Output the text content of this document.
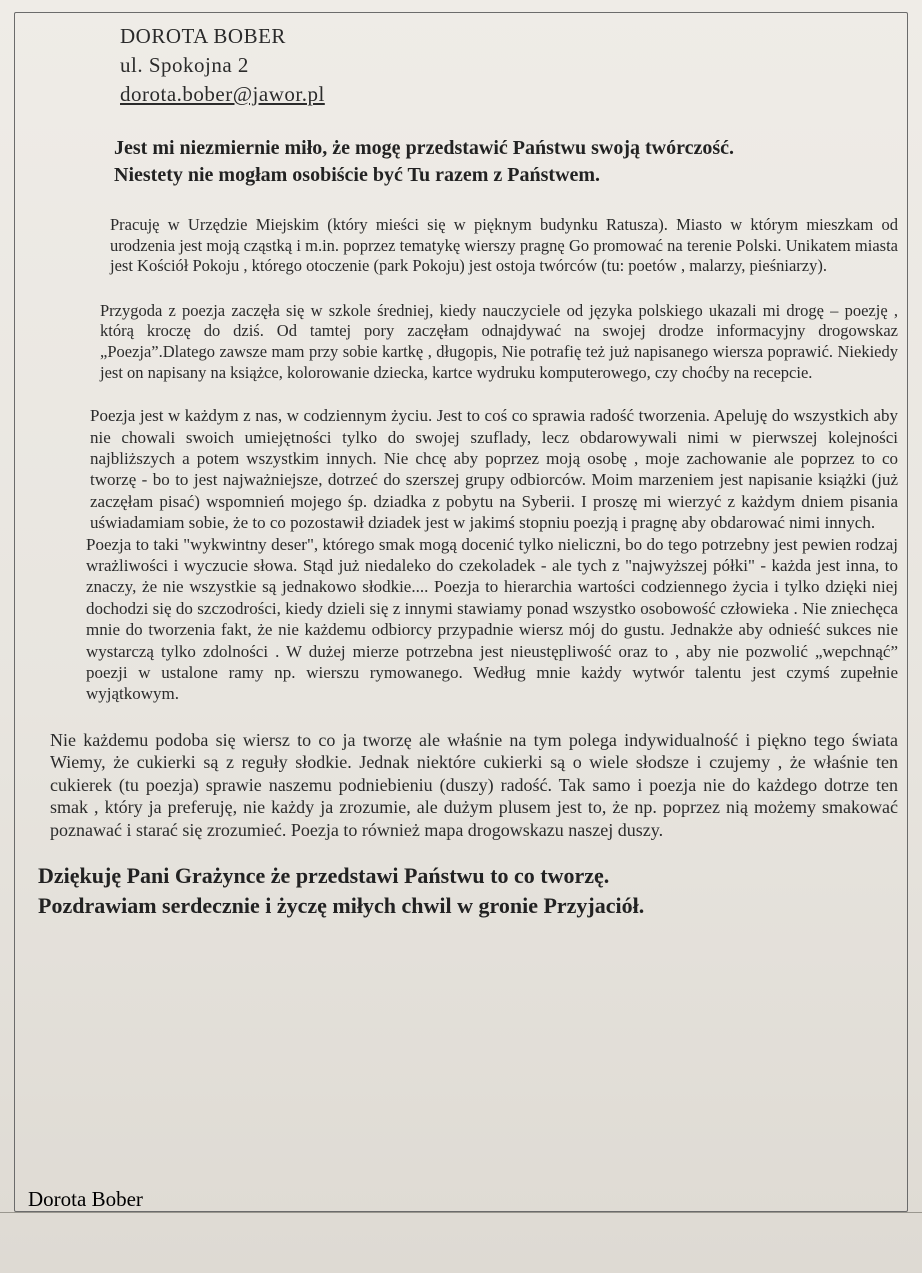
DOROTA BOBER
ul. Spokojna 2
dorota.bober@jawor.pl
Jest mi niezmiernie miło, że mogę przedstawić Państwu swoją twórczość.
Niestety nie mogłam osobiście być Tu razem z Państwem.

Pracuję w Urzędzie Miejskim (który mieści się w pięknym budynku Ratusza). Miasto w którym mieszkam od urodzenia jest moją cząstką i m.in. poprzez tematykę wierszy pragnę Go promować na terenie Polski. Unikatem miasta jest Kościół Pokoju , którego otoczenie (park Pokoju) jest ostoja twórców (tu: poetów , malarzy, pieśniarzy).

Przygoda z poezja zaczęła się w szkole średniej, kiedy nauczyciele od języka polskiego ukazali mi drogę – poezję , którą kroczę do dziś. Od tamtej pory zaczęłam odnajdywać na swojej drodze informacyjny drogowskaz „Poezja”.Dlatego zawsze mam przy sobie kartkę , długopis, Nie potrafię też już napisanego wiersza poprawić. Niekiedy jest on napisany na książce, kolorowanie dziecka, kartce wydruku komputerowego, czy choćby na recepcie.

Poezja jest w każdym z nas, w codziennym życiu. Jest to coś co sprawia radość tworzenia. Apeluję do wszystkich aby nie chowali swoich umiejętności tylko do swojej szuflady, lecz obdarowywali nimi w pierwszej kolejności najbliższych a potem wszystkim innych. Nie chcę aby poprzez moją osobę , moje zachowanie ale poprzez to co tworzę - bo to jest najważniejsze, dotrzeć do szerszej grupy odbiorców. Moim marzeniem jest napisanie książki (już zaczęłam pisać) wspomnień mojego śp. dziadka z pobytu na Syberii. I proszę mi wierzyć z każdym dniem pisania uświadamiam sobie, że to co pozostawił dziadek jest w jakimś stopniu poezją i pragnę aby obdarować nimi innych.

Poezja to taki "wykwintny deser", którego smak mogą docenić tylko nieliczni, bo do tego potrzebny jest pewien rodzaj wrażliwości i wyczucie słowa. Stąd już niedaleko do czekoladek - ale tych z "najwyższej półki" - każda jest inna, to znaczy, że nie wszystkie są jednakowo słodkie.... Poezja to hierarchia wartości codziennego życia i tylko dzięki niej dochodzi się do szczodrości, kiedy dzieli się z innymi stawiamy ponad wszystko osobowość człowieka . Nie zniechęca mnie do tworzenia fakt, że nie każdemu odbiorcy przypadnie wiersz mój do gustu. Jednakże aby odnieść sukces nie wystarczą tylko zdolności . W dużej mierze potrzebna jest nieustępliwość oraz to , aby nie pozwolić „wepchnąć” poezji w ustalone ramy np. wierszu rymowanego. Według mnie każdy wytwór talentu jest czymś zupełnie wyjątkowym.

Nie każdemu podoba się wiersz to co ja tworzę ale właśnie na tym polega indywidualność i piękno tego świata Wiemy, że cukierki są z reguły słodkie. Jednak niektóre cukierki są o wiele słodsze i czujemy , że właśnie ten cukierek (tu poezja) sprawie naszemu podniebieniu (duszy) radość. Tak samo i poezja nie do każdego dotrze ten smak , który ja preferuję, nie każdy ja zrozumie, ale dużym plusem jest to, że np. poprzez nią możemy smakować poznawać i starać się zrozumieć. Poezja to również mapa drogowskazu naszej duszy.

Dziękuję Pani Grażynce że przedstawi Państwu to co tworzę.
Pozdrawiam serdecznie i życzę miłych chwil w gronie Przyjaciół.
Dorota Bober
